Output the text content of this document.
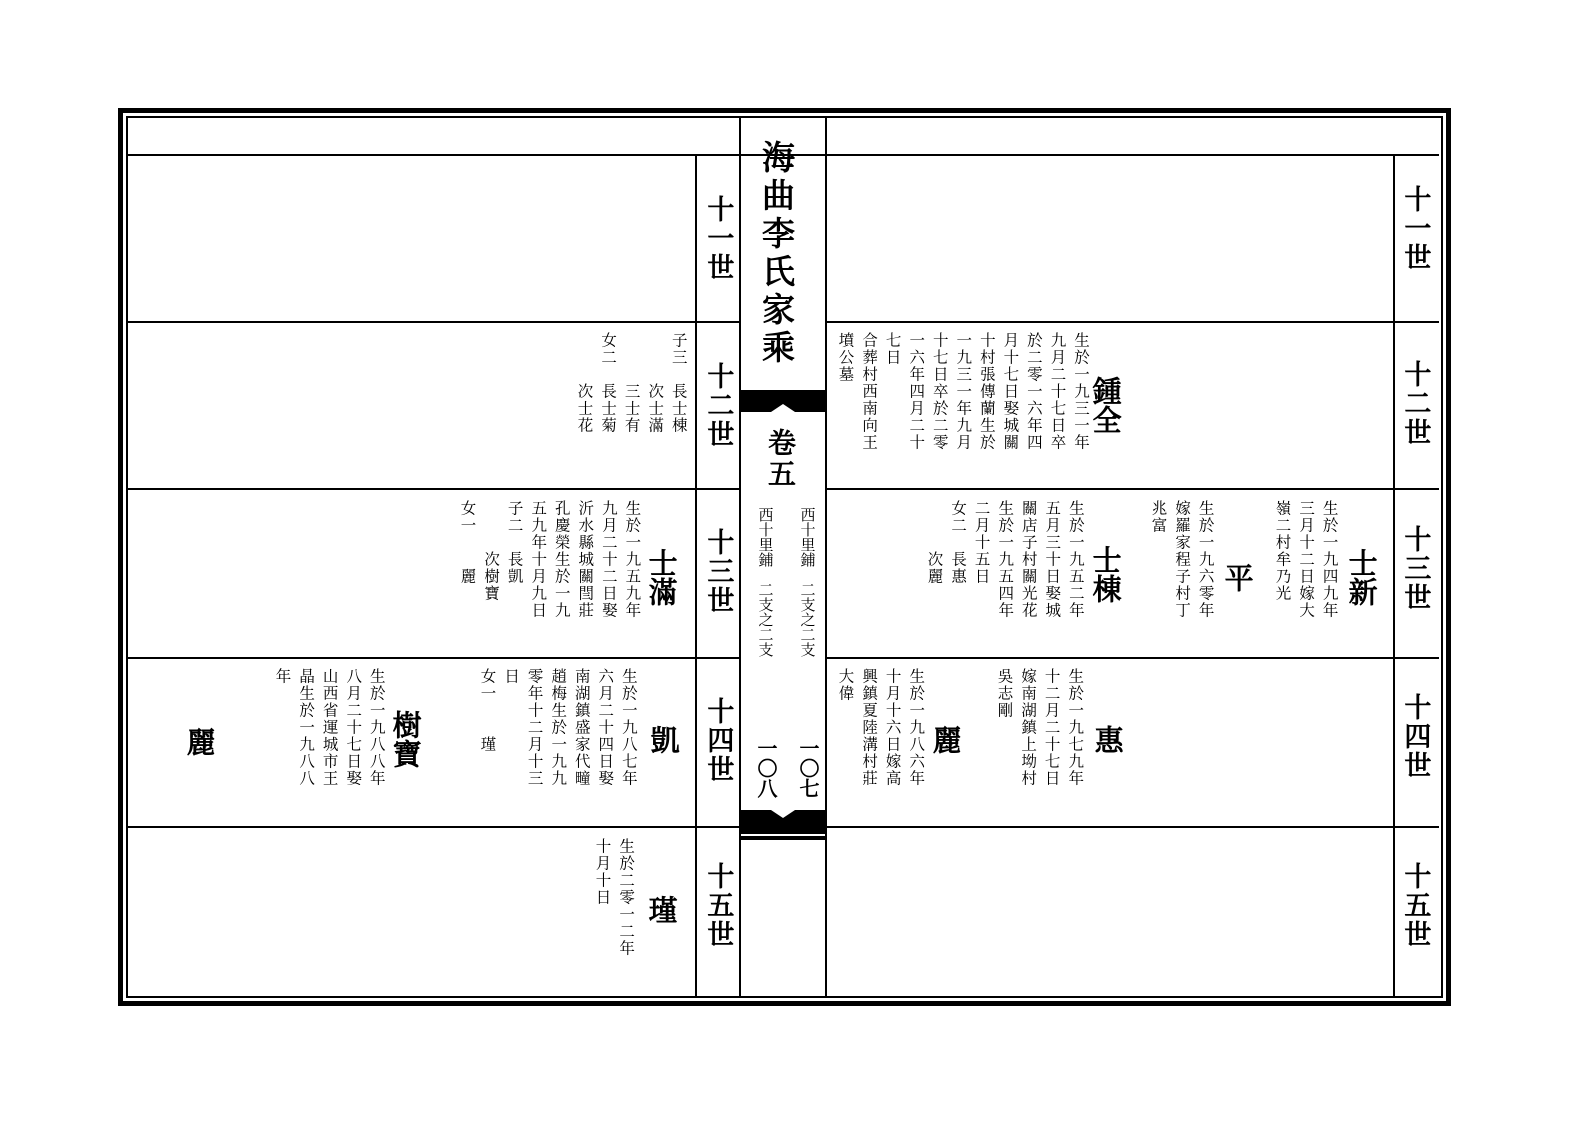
海曲李氏家乘
卷五
西十里鋪　二支之二支
西十里鋪　二支之二支
一〇七
一〇八
十一世
十二世
十三世
十四世
十五世
十一世
十二世
十三世
十四世
十五世
鍾全
生於一九三一年
九月二十七日卒
於二零一六年四
月十七日娶城關
十村張傳蘭生於
一九三一年九月
十七日卒於二零
一六年四月二十
七日
合葬村西南向王
墳公墓
士新
生於一九四九年
三月十二日嫁大
嶺二村牟乃光
平
生於一九六零年
嫁羅家程子村丁
兆富
士棟
生於一九五二年
五月三十日娶城
關店子村關光花
生於一九五四年
二月十五日
女二　長惠
　　　次麗
惠
生於一九七九年
十二月二十七日
嫁南湖鎮上坳村
吳志剛
麗
生於一九八六年
十月十六日嫁高
興鎮夏陸溝村莊
大偉
子三　長士棟
　　　次士滿
　　　三士有
女二　長士菊
　　　次士花
士滿
生於一九五九年
九月二十二日娶
沂水縣城關閆莊
孔慶榮生於一九
五九年十月九日
子二　長凱
　　　次樹寶
女一　　麗
凱
生於一九八七年
六月二十四日娶
南湖鎮盛家代疃
趙梅生於一九九
零年十二月十三
日
女一　　瑾
樹寶
生於一九八八年
八月二十七日娶
山西省運城市王
晶生於一九八八
年
麗
瑾
生於二零一二年
十月十日
